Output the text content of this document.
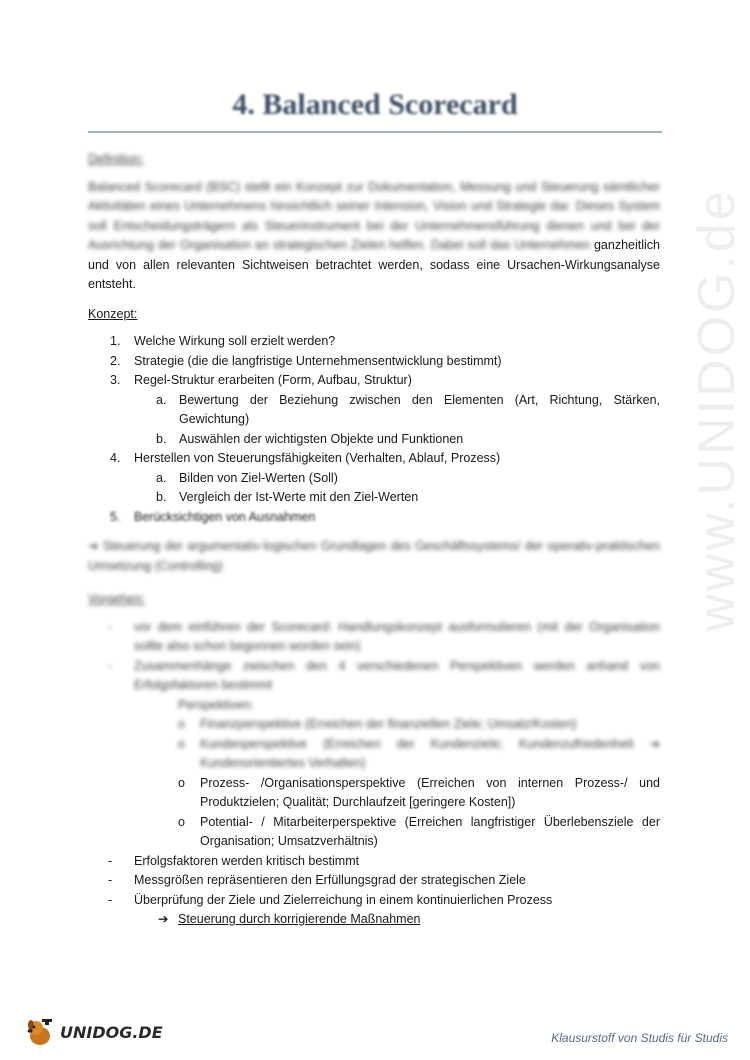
www.UNIDOG.de
4. Balanced Scorecard

Definition:

Balanced Scorecard (BSC) stellt ein Konzept zur Dokumentation, Messung und Steuerung sämtlicher Aktivitäten eines Unternehmens hinsichtlich seiner Intension, Vision und Strategie dar. Dieses System soll Entscheidungsträgern als Steuerinstrument bei der Unternehmensführung dienen und bei der Ausrichtung der Organisation an strategischen Zielen helfen. Dabei soll das Unternehmen ganzheitlich und von allen relevanten Sichtweisen betrachtet werden, sodass eine Ursachen-Wirkungsanalyse entsteht.

Konzept:

1. Welche Wirkung soll erzielt werden?
2. Strategie (die die langfristige Unternehmensentwicklung bestimmt)
3. Regel-Struktur erarbeiten (Form, Aufbau, Struktur)
a. Bewertung der Beziehung zwischen den Elementen (Art, Richtung, Stärken, Gewichtung)
b. Auswählen der wichtigsten Objekte und Funktionen
4. Herstellen von Steuerungsfähigkeiten (Verhalten, Ablauf, Prozess)
a. Bilden von Ziel-Werten (Soll)
b. Vergleich der Ist-Werte mit den Ziel-Werten
5. Berücksichtigen von Ausnahmen

➔ Steuerung der argumentativ-logischen Grundlagen des Geschäftssystems/ der operativ-praktischen Umsetzung (Controlling)

Vorgehen:

- vor dem einführen der Scorecard: Handlungskonzept ausformulieren (mit der Organisation sollte also schon begonnen worden sein)
- Zusammenhänge zwischen den 4 verschiedenen Perspektiven werden anhand von Erfolgsfaktoren bestimmt

Perspektiven:

o Finanzperspektive (Erreichen der finanziellen Ziele; Umsatz/Kosten)
o Kundenperspektive (Erreichen der Kundenziele; Kundenzufriedenheit ➔ Kundenorientiertes Verhalten)
o Prozess- /Organisationsperspektive (Erreichen von internen Prozess-/ und Produktzielen; Qualität; Durchlaufzeit [geringere Kosten])
o Potential- / Mitarbeiterperspektive (Erreichen langfristiger Überlebensziele der Organisation; Umsatzverhältnis)
- Erfolgsfaktoren werden kritisch bestimmt
- Messgrößen repräsentieren den Erfüllungsgrad der strategischen Ziele
- Überprüfung der Ziele und Zielerreichung in einem kontinuierlichen Prozess

➔ Steuerung durch korrigierende Maßnahmen

UNIDOG.DE	Klausurstoff von Studis für Studis
